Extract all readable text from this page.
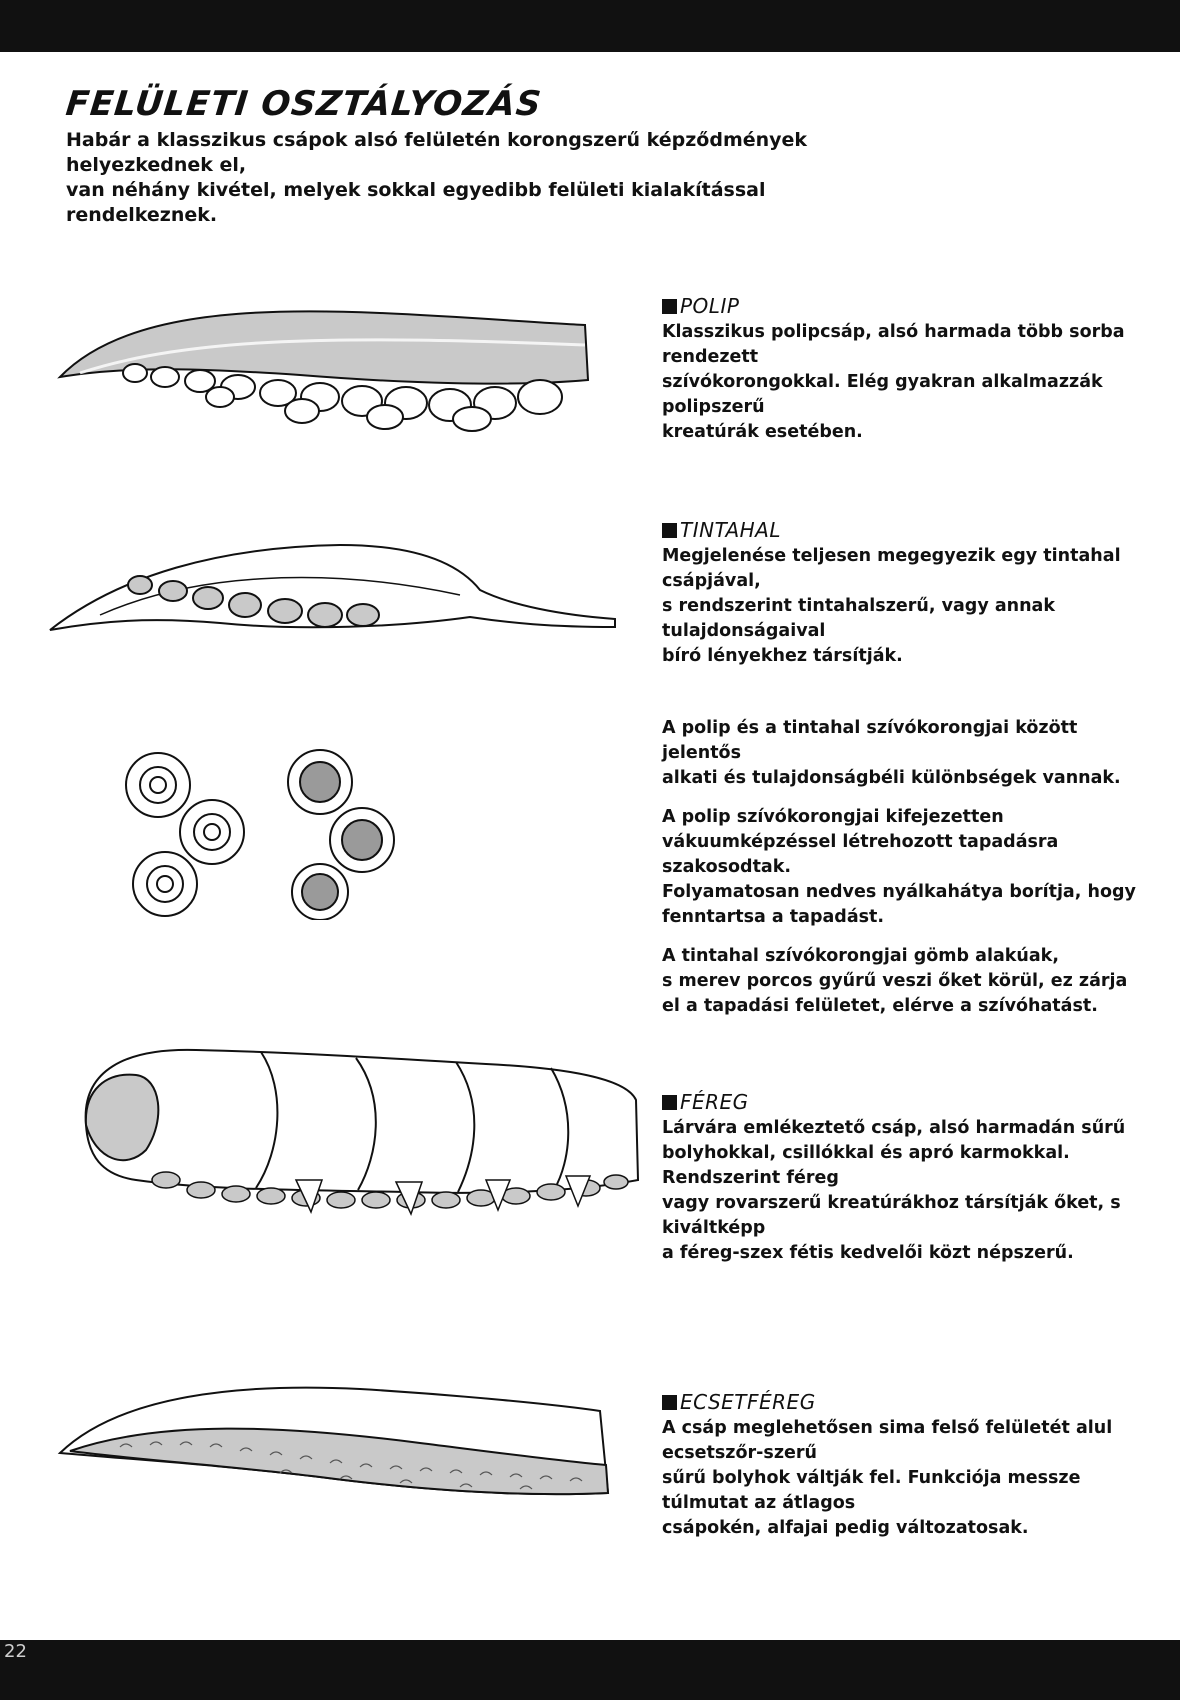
FELÜLETI OSZTÁLYOZÁS

Habár a klasszikus csápok alsó felületén korongszerű képződmények helyezkednek el,
van néhány kivétel, melyek sokkal egyedibb felületi kialakítással rendelkeznek.

POLIP

Klasszikus polipcsáp, alsó harmada több sorba rendezett
szívókorongokkal. Elég gyakran alkalmazzák polipszerű
kreatúrák esetében.

TINTAHAL

Megjelenése teljesen megegyezik egy tintahal csápjával,
s rendszerint tintahalszerű, vagy annak tulajdonságaival
bíró lényekhez társítják.

A polip és a tintahal szívókorongjai között jelentős
alkati és tulajdonságbéli különbségek vannak.

A polip szívókorongjai kifejezetten
vákuumképzéssel létrehozott tapadásra szakosodtak.
Folyamatosan nedves nyálkahátya borítja, hogy
fenntartsa a tapadást.

A tintahal szívókorongjai gömb alakúak,
s merev porcos gyűrű veszi őket körül, ez zárja
el a tapadási felületet, elérve a szívóhatást.

FÉREG

Lárvára emlékeztető csáp, alsó harmadán sűrű
bolyhokkal, csillókkal és apró karmokkal. Rendszerint féreg
vagy rovarszerű kreatúrákhoz társítják őket, s kiváltképp
a féreg-szex fétis kedvelői közt népszerű.

ECSETFÉREG

A csáp meglehetősen sima felső felületét alul ecsetszőr-szerű
sűrű bolyhok váltják fel. Funkciója messze túlmutat az átlagos
csápokén, alfajai pedig változatosak.

22
